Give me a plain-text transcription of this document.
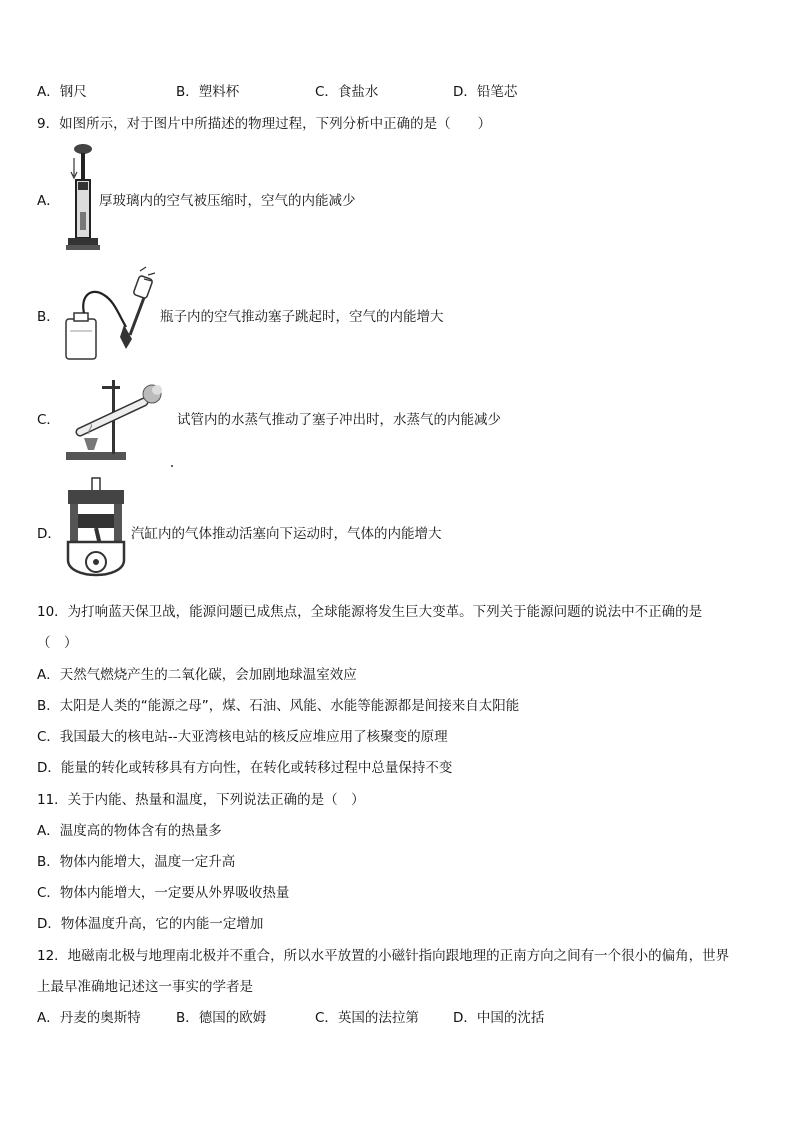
A．钢尺	B．塑料杯	C．食盐水	D．铅笔芯
9．如图所示，对于图片中所描述的物理过程，下列分析中正确的是（　　）
A．	厚玻璃内的空气被压缩时，空气的内能减少
B．	瓶子内的空气推动塞子跳起时，空气的内能增大
C．	试管内的水蒸气推动了塞子冲出时，水蒸气的内能减少
D．	汽缸内的气体推动活塞向下运动时，气体的内能增大
10．为打响蓝天保卫战，能源问题已成焦点，全球能源将发生巨大变革。下列关于能源问题的说法中不正确的是
（　）
A．天然气燃烧产生的二氧化碳，会加剧地球温室效应
B．太阳是人类的“能源之母”，煤、石油、风能、水能等能源都是间接来自太阳能
C．我国最大的核电站--大亚湾核电站的核反应堆应用了核聚变的原理
D．能量的转化或转移具有方向性，在转化或转移过程中总量保持不变
11．关于内能、热量和温度，下列说法正确的是（　）
A．温度高的物体含有的热量多
B．物体内能增大，温度一定升高
C．物体内能增大，一定要从外界吸收热量
D．物体温度升高，它的内能一定增加
12．地磁南北极与地理南北极并不重合，所以水平放置的小磁针指向跟地理的正南方向之间有一个很小的偏角，世界
上最早准确地记述这一事实的学者是
A．丹麦的奥斯特	B．德国的欧姆	C．英国的法拉第	D．中国的沈括
